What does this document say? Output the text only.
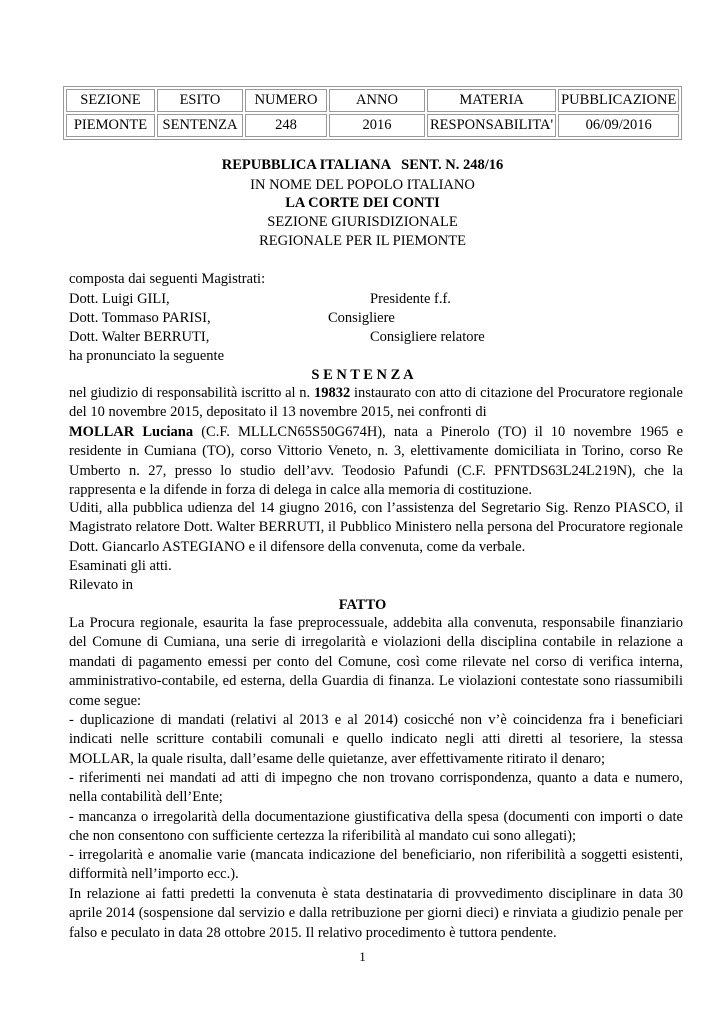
SEZIONE	ESITO	NUMERO	ANNO	MATERIA	PUBBLICAZIONE
PIEMONTE	SENTENZA	248	2016	RESPONSABILITA'	06/09/2016
REPUBBLICA ITALIANA   SENT. N. 248/16
IN NOME DEL POPOLO ITALIANO
LA CORTE DEI CONTI
SEZIONE GIURISDIZIONALE
REGIONALE PER IL PIEMONTE
composta dai seguenti Magistrati:
Dott. Luigi GILI,	Presidente f.f.
Dott. Tommaso PARISI,	Consigliere
Dott. Walter BERRUTI,	Consigliere relatore
ha pronunciato la seguente
S E N T E N Z A
nel giudizio di responsabilità iscritto al n. 19832 instaurato con atto di citazione del Procuratore regionale del 10 novembre 2015, depositato il 13 novembre 2015, nei confronti di
MOLLAR Luciana (C.F. MLLLCN65S50G674H), nata a Pinerolo (TO) il 10 novembre 1965 e residente in Cumiana (TO), corso Vittorio Veneto, n. 3, elettivamente domiciliata in Torino, corso Re Umberto n. 27, presso lo studio dell’avv. Teodosio Pafundi (C.F. PFNTDS63L24L219N), che la rappresenta e la difende in forza di delega in calce alla memoria di costituzione.
Uditi, alla pubblica udienza del 14 giugno 2016, con l’assistenza del Segretario Sig. Renzo PIASCO, il Magistrato relatore Dott. Walter BERRUTI, il Pubblico Ministero nella persona del Procuratore regionale Dott. Giancarlo ASTEGIANO e il difensore della convenuta, come da verbale.
Esaminati gli atti.
Rilevato in
FATTO
La Procura regionale, esaurita la fase preprocessuale, addebita alla convenuta, responsabile finanziario del Comune di Cumiana, una serie di irregolarità e violazioni della disciplina contabile in relazione a mandati di pagamento emessi per conto del Comune, così come rilevate nel corso di verifica interna, amministrativo-contabile, ed esterna, della Guardia di finanza. Le violazioni contestate sono riassumibili come segue:
- duplicazione di mandati (relativi al 2013 e al 2014) cosicché non v’è coincidenza fra i beneficiari indicati nelle scritture contabili comunali e quello indicato negli atti diretti al tesoriere, la stessa MOLLAR, la quale risulta, dall’esame delle quietanze, aver effettivamente ritirato il denaro;
- riferimenti nei mandati ad atti di impegno che non trovano corrispondenza, quanto a data e numero, nella contabilità dell’Ente;
- mancanza o irregolarità della documentazione giustificativa della spesa (documenti con importi o date che non consentono con sufficiente certezza la riferibilità al mandato cui sono allegati);
- irregolarità e anomalie varie (mancata indicazione del beneficiario, non riferibilità a soggetti esistenti, difformità nell’importo ecc.).
In relazione ai fatti predetti la convenuta è stata destinataria di provvedimento disciplinare in data 30 aprile 2014 (sospensione dal servizio e dalla retribuzione per giorni dieci) e rinviata a giudizio penale per falso e peculato in data 28 ottobre 2015. Il relativo procedimento è tuttora pendente.
1
